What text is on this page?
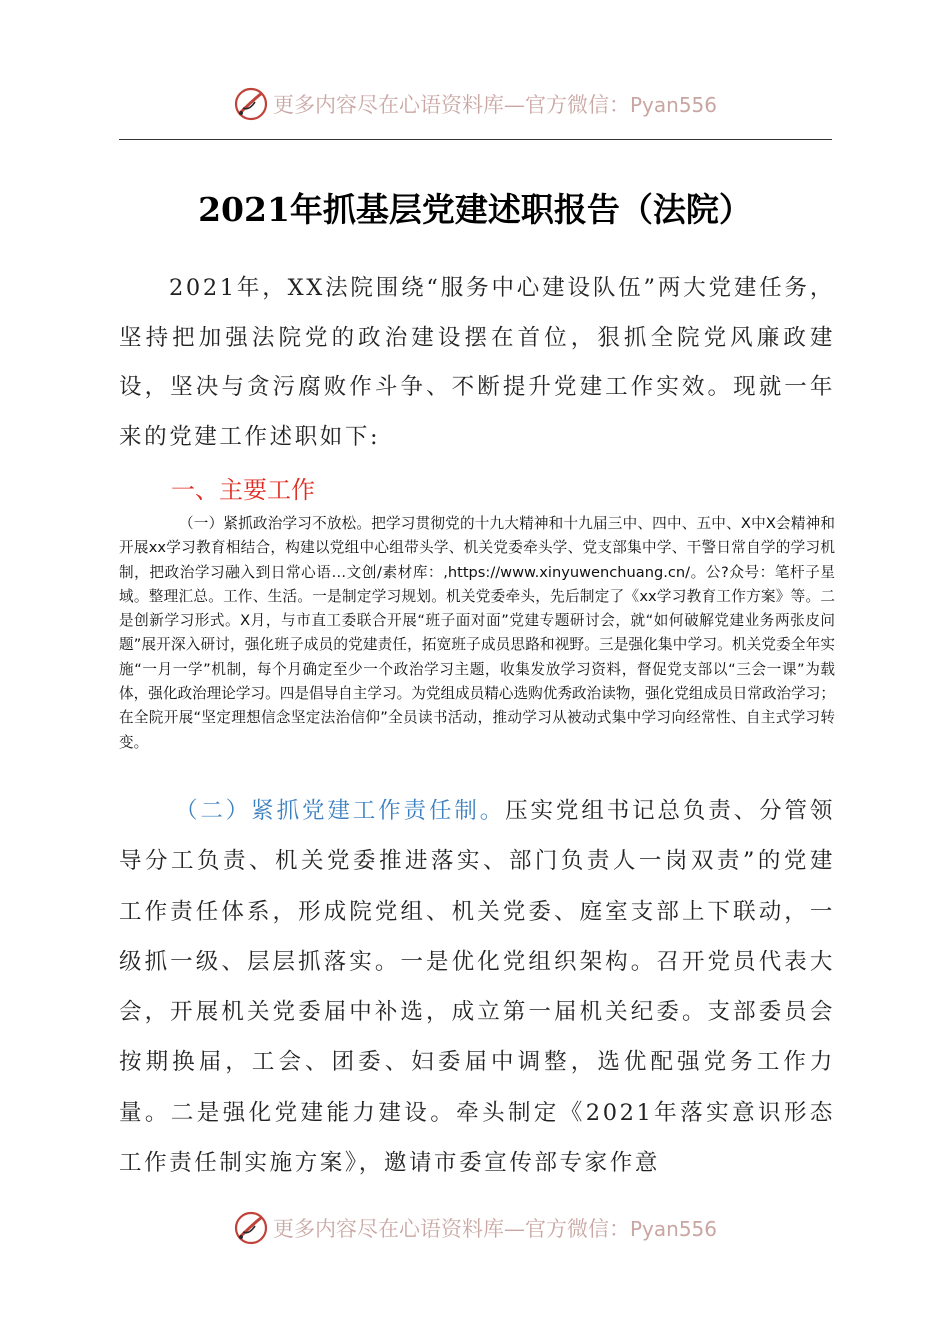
更多内容尽在心语资料库—官方微信：Pyan556
2021年抓基层党建述职报告（法院）

2021年，XX法院围绕“服务中心建设队伍”两大党建任务，坚持把加强法院党的政治建设摆在首位，狠抓全院党风廉政建设，坚决与贪污腐败作斗争、不断提升党建工作实效。现就一年来的党建工作述职如下:

一、主要工作

（一）紧抓政治学习不放松。把学习贯彻党的十九大精神和十九届三中、四中、五中、X中X会精神和开展xx学习教育相结合，构建以党组中心组带头学、机关党委牵头学、党支部集中学、干警日常自学的学习机制，把政治学习融入到日常心语…文创/素材库：,https://www.xinyuwenchuang.cn/。公?众号：笔杆子星域。整理汇总。工作、生活。一是制定学习规划。机关党委牵头，先后制定了《xx学习教育工作方案》等。二是创新学习形式。X月，与市直工委联合开展“班子面对面”党建专题研讨会，就“如何破解党建业务两张皮问题”展开深入研讨，强化班子成员的党建责任，拓宽班子成员思路和视野。三是强化集中学习。机关党委全年实施“一月一学”机制，每个月确定至少一个政治学习主题，收集发放学习资料，督促党支部以“三会一课”为载体，强化政治理论学习。四是倡导自主学习。为党组成员精心选购优秀政治读物，强化党组成员日常政治学习；在全院开展“坚定理想信念坚定法治信仰”全员读书活动，推动学习从被动式集中学习向经常性、自主式学习转变。

（二）紧抓党建工作责任制。压实党组书记总负责、分管领导分工负责、机关党委推进落实、部门负责人一岗双责”的党建工作责任体系，形成院党组、机关党委、庭室支部上下联动，一级抓一级、层层抓落实。一是优化党组织架构。召开党员代表大会，开展机关党委届中补选，成立第一届机关纪委。支部委员会按期换届，工会、团委、妇委届中调整，选优配强党务工作力量。二是强化党建能力建设。牵头制定《2021年落实意识形态工作责任制实施方案》，邀请市委宣传部专家作意

更多内容尽在心语资料库—官方微信：Pyan556
